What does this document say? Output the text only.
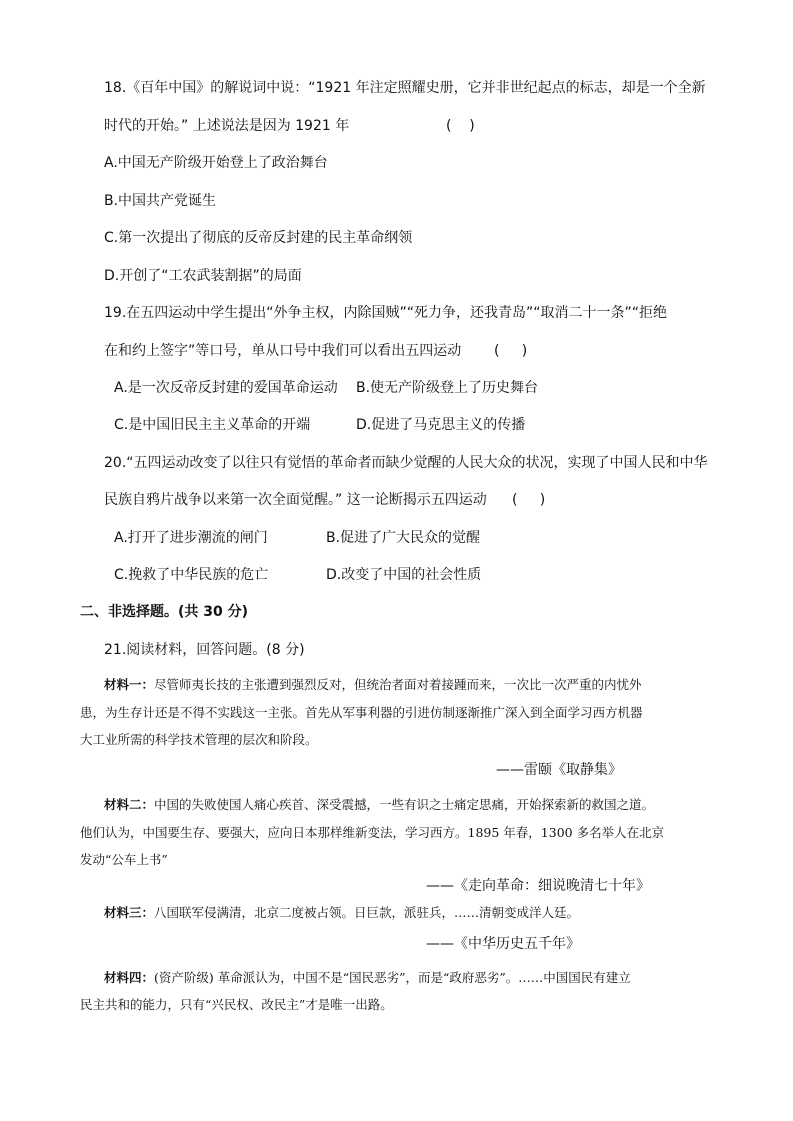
18.《百年中国》的解说词中说：“1921 年注定照耀史册，它并非世纪起点的标志，却是一个全新
时代的开始。” 上述说法是因为 1921 年	(    )
A.中国无产阶级开始登上了政治舞台
B.中国共产党诞生
C.第一次提出了彻底的反帝反封建的民主革命纲领
D.开创了“工农武装割据”的局面
19.在五四运动中学生提出“外争主权，内除国贼”“死力争，还我青岛”“取消二十一条”“拒绝
在和约上签字”等口号，单从口号中我们可以看出五四运动 (     )
A.是一次反帝反封建的爱国革命运动 B.使无产阶级登上了历史舞台
C.是中国旧民主主义革命的开端	D.促进了马克思主义的传播
20.“五四运动改变了以往只有觉悟的革命者而缺少觉醒的人民大众的状况，实现了中国人民和中华
民族自鸦片战争以来第一次全面觉醒。” 这一论断揭示五四运动 (     )
A.打开了进步潮流的闸门	B.促进了广大民众的觉醒
C.挽救了中华民族的危亡	D.改变了中国的社会性质
二、非选择题。(共 30 分)
21.阅读材料，回答问题。(8 分)
材料一：尽管师夷长技的主张遭到强烈反对，但统治者面对着接踵而来，一次比一次严重的内忧外
患，为生存计还是不得不实践这一主张。首先从军事利器的引进仿制逐渐推广深入到全面学习西方机器
大工业所需的科学技术管理的层次和阶段。
——雷颐《取静集》
材料二：中国的失败使国人痛心疾首、深受震撼，一些有识之士痛定思痛，开始探索新的救国之道。
他们认为，中国要生存、要强大，应向日本那样维新变法，学习西方。1895 年春，1300 多名举人在北京
发动“公车上书”
——《走向革命：细说晚清七十年》
材料三：八国联军侵满清，北京二度被占领。日巨款，派驻兵，……清朝变成洋人廷。
——《中华历史五千年》
材料四：(资产阶级) 革命派认为，中国不是“国民恶劣”，而是“政府恶劣”。……中国国民有建立
民主共和的能力，只有“兴民权、改民主”才是唯一出路。
